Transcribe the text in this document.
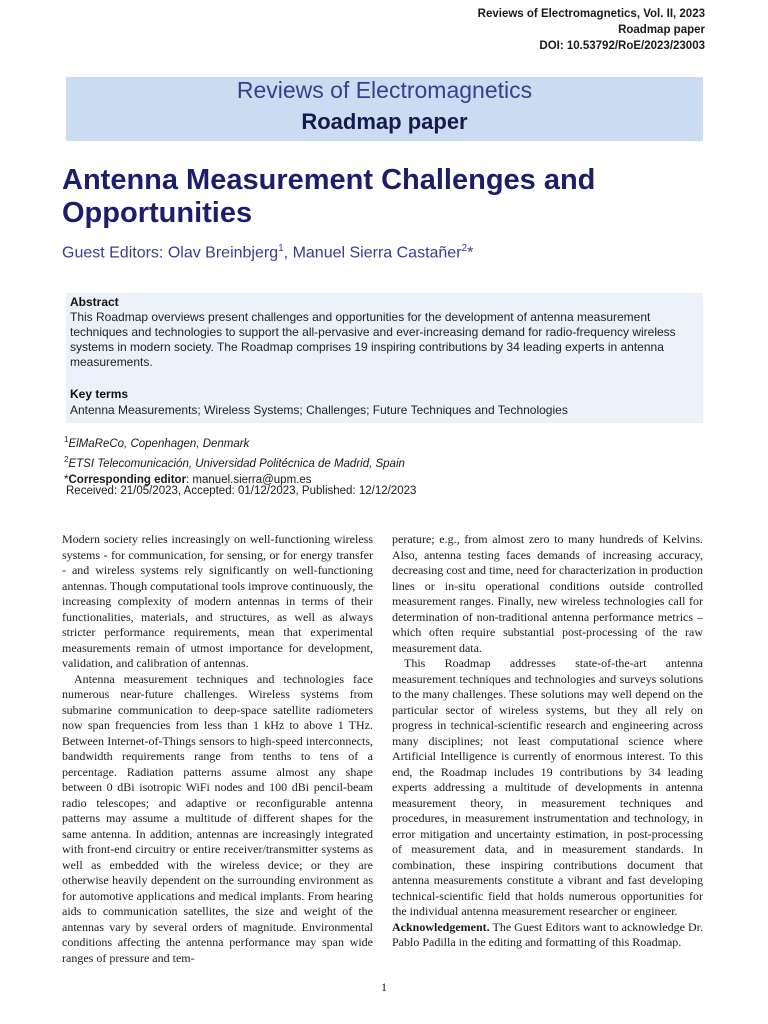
Reviews of Electromagnetics, Vol. II, 2023
Roadmap paper
DOI: 10.53792/RoE/2023/23003
Reviews of Electromagnetics
Roadmap paper
Antenna Measurement Challenges and Opportunities
Guest Editors: Olav Breinbjerg$^1$, Manuel Sierra Castañer$^2$*
Abstract
This Roadmap overviews present challenges and opportunities for the development of antenna measurement techniques and technologies to support the all-pervasive and ever-increasing demand for radio-frequency wireless systems in modern society. The Roadmap comprises 19 inspiring contributions by 34 leading experts in antenna measurements.
Key terms
Antenna Measurements; Wireless Systems; Challenges; Future Techniques and Technologies
$^1$ElMaReCo, Copenhagen, Denmark
$^2$ETSI Telecomunicación, Universidad Politécnica de Madrid, Spain
*Corresponding editor: manuel.sierra@upm.es
Received: 21/05/2023, Accepted: 01/12/2023, Published: 12/12/2023

Modern society relies increasingly on well-functioning wireless systems - for communication, for sensing, or for energy transfer - and wireless systems rely significantly on well-functioning antennas. Though computational tools improve continuously, the increasing complexity of modern antennas in terms of their functionalities, materials, and structures, as well as always stricter performance requirements, mean that experimental measurements remain of utmost importance for development, validation, and calibration of antennas.

Antenna measurement techniques and technologies face numerous near-future challenges. Wireless systems from submarine communication to deep-space satellite radiometers now span frequencies from less than 1 kHz to above 1 THz. Between Internet-of-Things sensors to high-speed interconnects, bandwidth requirements range from tenths to tens of a percentage. Radiation patterns assume almost any shape between 0 dBi isotropic WiFi nodes and 100 dBi pencil-beam radio telescopes; and adaptive or reconfigurable antenna patterns may assume a multitude of different shapes for the same antenna. In addition, antennas are increasingly integrated with front-end circuitry or entire receiver/transmitter systems as well as embedded with the wireless device; or they are otherwise heavily dependent on the surrounding environment as for automotive applications and medical implants. From hearing aids to communication satellites, the size and weight of the antennas vary by several orders of magnitude. Environmental conditions affecting the antenna performance may span wide ranges of pressure and tem-

perature; e.g., from almost zero to many hundreds of Kelvins. Also, antenna testing faces demands of increasing accuracy, decreasing cost and time, need for characterization in production lines or in-situ operational conditions outside controlled measurement ranges. Finally, new wireless technologies call for determination of non-traditional antenna performance metrics – which often require substantial post-processing of the raw measurement data.

This Roadmap addresses state-of-the-art antenna measurement techniques and technologies and surveys solutions to the many challenges. These solutions may well depend on the particular sector of wireless systems, but they all rely on progress in technical-scientific research and engineering across many disciplines; not least computational science where Artificial Intelligence is currently of enormous interest. To this end, the Roadmap includes 19 contributions by 34 leading experts addressing a multitude of developments in antenna measurement theory, in measurement techniques and procedures, in measurement instrumentation and technology, in error mitigation and uncertainty estimation, in post-processing of measurement data, and in measurement standards. In combination, these inspiring contributions document that antenna measurements constitute a vibrant and fast developing technical-scientific field that holds numerous opportunities for the individual antenna measurement researcher or engineer.

Acknowledgement. The Guest Editors want to acknowledge Dr. Pablo Padilla in the editing and formatting of this Roadmap.

1
